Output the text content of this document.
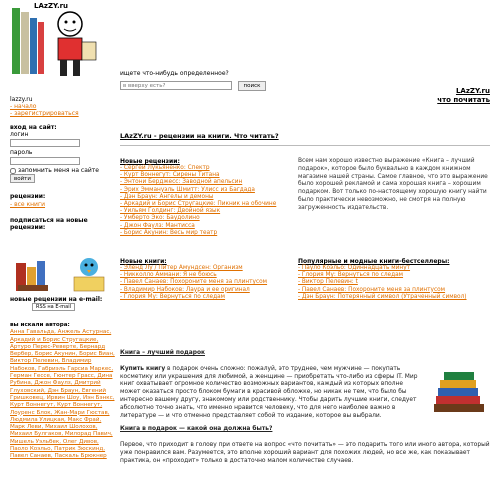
LAzZY.ru
ищете что-нибудь определенное?
в вверху есть?
поиск
LAzZY.ru
что почитать
lazzy.ru
- начало
- зарегистрироваться
вход на сайт:
логин
пароль
запомнить меня на сайте
войти
рецензии:
- все книги
подписаться на новые рецензии:
новые рецензии на e-mail:
RSS на E-mail
вы искали автора:
Анна Гавальда, Анжель Астурнас, Аркадий и Борис Стругацкие, Артуро Перес-Реверте, Бернард Вербер, Борис Акунин, Борис Виан, Виктор Пелевин, Владимир Набоков, Габриэль Гарсиа Маркес, Герман Гессе, Гюнтер Грасс, Дина Рубина, Джон Фаулз, Дмитрий Глуховский, Дэн Браун, Евгений Гришковец, Ирвин Шоу, Иэн Бэнкс, Курт Воннегут, Курт Воннегут, Лоуренс Блок, Жан-Мари Гюстав, Людмила Улицкая, Макс Фрай, Марк Леви, Михаил Шолохов, Михаил Булгаков, Милорад Павич, Мишель Уэльбек, Олег Дивов, Паоло Коэльо, Патрик Зюскинд, Павел Санаев, Паскаль Брюкнер
LAzZY.ru - рецензии на книги. Что читать?
Новые рецензии:
- Сергей Лукьяненко: Спектр
- Курт Воннегут: Сирены Титана
- Энтони Берджесс: Заводной апельсин
- Эрих Эммануэль Шмитт: Улисс из Багдада
- Дэн Браун: Ангелы и демоны
- Аркадий и Борис Стругацкие: Пикник на обочине
- Уильям Голдинг: Двойной язык
- Умберто Эко: Баудолино
- Джон Фаулз: Мантисса
- Борис Акунин: Весь мир театр
Всем нам хорошо известно выражение «Книга – лучший подарок», которое было буквально в каждом книжном магазине нашей страны. Самое главное, что это выражение было хорошей рекламой и сама хорошая книга – хорошим подарком. Вот только по-настоящему хорошую книгу найти было практически невозможно, не смотря на полную загруженность издательств.
Новые книги:
- Эленд Лу / Питер Амундсен: Организм
- Никколло Аммани: Я не боюсь
- Павел Санаев: Похороните меня за плинтусом
- Владимир Набоков: Лаура и ее оригинал
- Глория Му: Вернуться по следам
Популярные и модные книги-бестселлеры:
- Пауло Коэльо: Одиннадцать минут
- Глория Му: Вернуться по следам
- Виктор Пелевин: t
- Павел Санаев: Похороните меня за плинтусом
- Дэн Браун: Потерянный символ (Утраченный символ)
Книга – лучший подарок

Купить книгу в подарок очень сложно: пожалуй, это труднее, чем мужчине — покупать косметику или украшения для любимой, а женщине — приобретать что-либо из сферы IT. Мир книг охватывает огромное количество возможных вариантов, каждый из которых вполне может оказаться просто блоком бумаги в красивой обложке, но никак не тем, что было бы интересно вашему другу, знакомому или родственнику. Чтобы дарить лучшие книги, следует абсолютно точно знать, что именно нравится человеку, что для него наиболее важно в литературе — и что отменно представляет собой то издание, которое вы выбрали.

Книга в подарок — какой она должна быть?

Первое, что приходит в голову при ответе на вопрос «что почитать» — это подарить того или иного автора, который уже понравился вам. Разумеется, это вполне хороший вариант для похожих людей, но все же, как показывает практика, он «проходит» только в достаточно малом количестве случаев.
